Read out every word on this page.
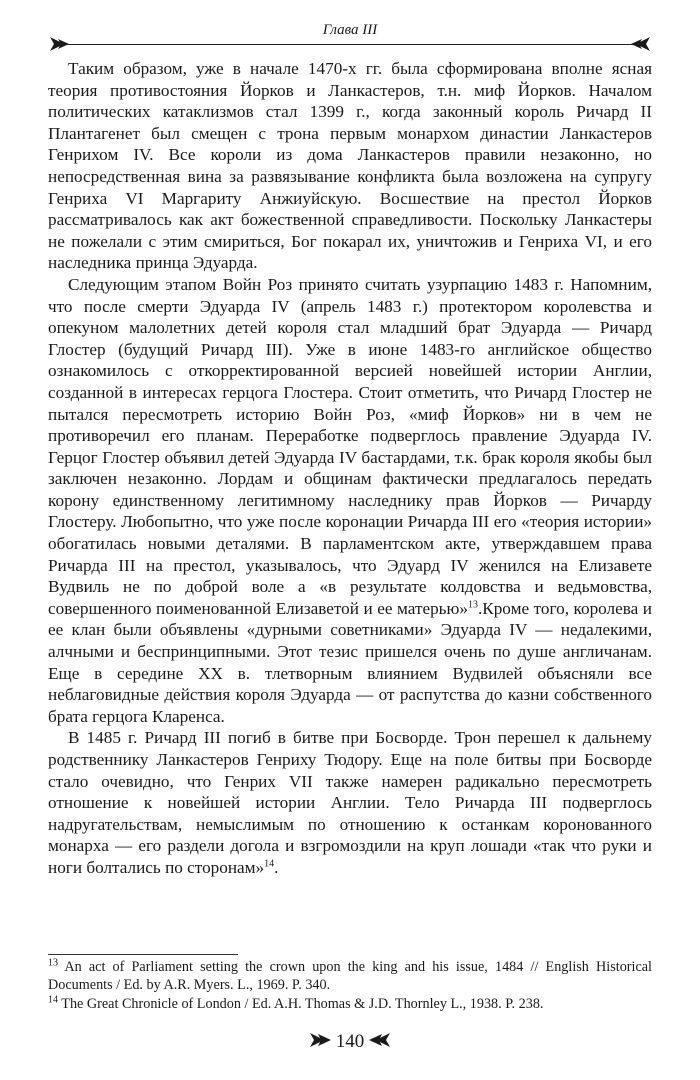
Глава III

Таким образом, уже в начале 1470-х гг. была сформирована вполне ясная теория противостояния Йорков и Ланкастеров, т.н. миф Йорков. Началом политических катаклизмов стал 1399 г., когда законный король Ричард II Плантагенет был смещен с трона первым монархом династии Ланкастеров Генрихом IV. Все короли из дома Ланкастеров правили незаконно, но непосредственная вина за развязывание конфликта была возложена на супругу Генриха VI Маргариту Анжиуйскую. Восшествие на престол Йорков рассматривалось как акт божественной справедливости. Поскольку Ланкастеры не пожелали с этим смириться, Бог покарал их, уничтожив и Генриха VI, и его наследника принца Эдуарда.

Следующим этапом Войн Роз принято считать узурпацию 1483 г. Напомним, что после смерти Эдуарда IV (апрель 1483 г.) протектором королевства и опекуном малолетних детей короля стал младший брат Эдуарда — Ричард Глостер (будущий Ричард III). Уже в июне 1483-го английское общество ознакомилось с откорректированной версией новейшей истории Англии, созданной в интересах герцога Глостера. Стоит отметить, что Ричард Глостер не пытался пересмотреть историю Войн Роз, «миф Йорков» ни в чем не противоречил его планам. Переработке подверглось правление Эдуарда IV. Герцог Глостер объявил детей Эдуарда IV бастардами, т.к. брак короля якобы был заключен незаконно. Лордам и общинам фактически предлагалось передать корону единственному легитимному наследнику прав Йорков — Ричарду Глостеру. Любопытно, что уже после коронации Ричарда III его «теория истории» обогатилась новыми деталями. В парламентском акте, утверждавшем права Ричарда III на престол, указывалось, что Эдуард IV женился на Елизавете Вудвиль не по доброй воле а «в результате колдовства и ведьмовства, совершенного поименованной Елизаветой и ее матерью»$^{13}$.Кроме того, королева и ее клан были объявлены «дурными советниками» Эдуарда IV — недалекими, алчными и беспринципными. Этот тезис пришелся очень по душе англичанам. Еще в середине XX в. тлетворным влиянием Вудвилей объясняли все неблаговидные действия короля Эдуарда — от распутства до казни собственного брата герцога Кларенса.

В 1485 г. Ричард III погиб в битве при Босворде. Трон перешел к дальнему родственнику Ланкастеров Генриху Тюдору. Еще на поле битвы при Босворде стало очевидно, что Генрих VII также намерен радикально пересмотреть отношение к новейшей истории Англии. Тело Ричарда III подверглось надругательствам, немыслимым по отношению к останкам коронованного монарха — его раздели догола и взгромоздили на круп лошади «так что руки и ноги болтались по сторонам»$^{14}$.

$^{13}$ An act of Parliament setting the crown upon the king and his issue, 1484 // English Historical Documents / Ed. by A.R. Myers. L., 1969. P. 340.

$^{14}$ The Great Chronicle of London / Ed. A.H. Thomas & J.D. Thornley L., 1938. P. 238.

140
